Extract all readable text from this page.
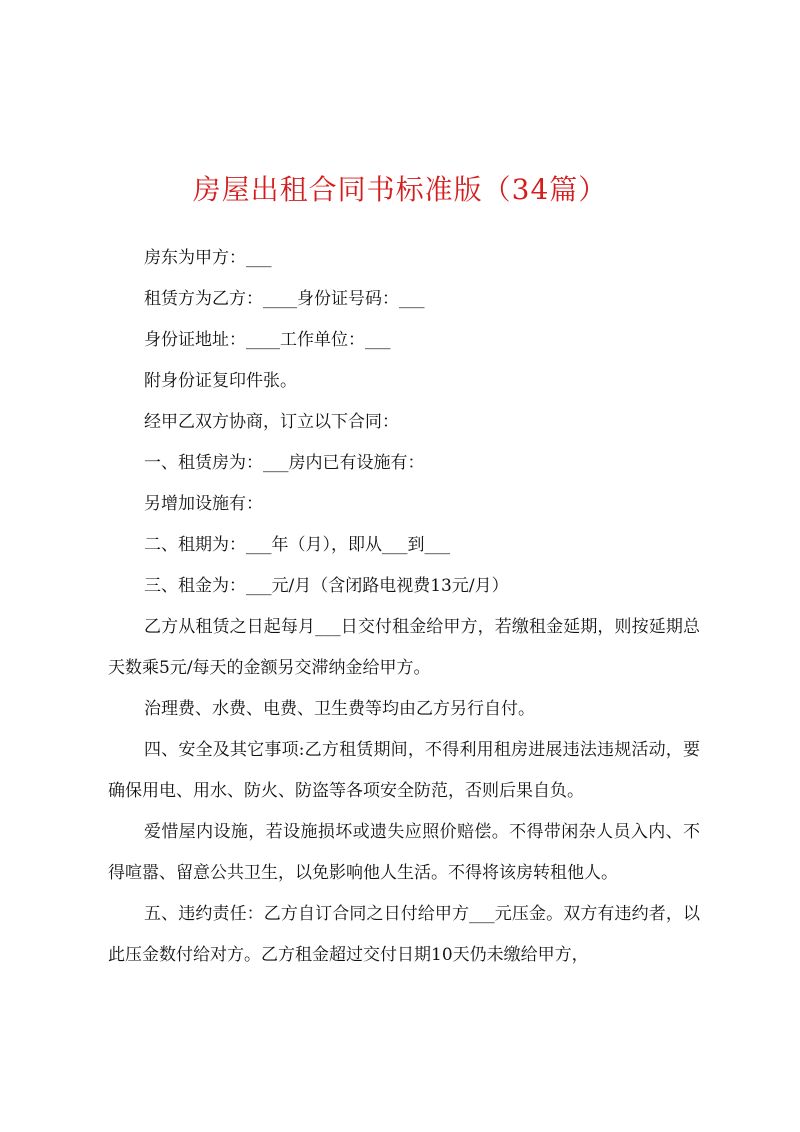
房屋出租合同书标准版（34篇）

房东为甲方：___

租赁方为乙方：____身份证号码：___

身份证地址：____工作单位：___

附身份证复印件张。

经甲乙双方协商，订立以下合同：

一、租赁房为：___房内已有设施有：

另增加设施有：

二、租期为：___年（月），即从___到___

三、租金为：___元/月（含闭路电视费13元/月）

乙方从租赁之日起每月___日交付租金给甲方，若缴租金延期，则按延期总天数乘5元/每天的金额另交滞纳金给甲方。

治理费、水费、电费、卫生费等均由乙方另行自付。

四、安全及其它事项:乙方租赁期间，不得利用租房进展违法违规活动，要确保用电、用水、防火、防盗等各项安全防范，否则后果自负。

爱惜屋内设施，若设施损坏或遗失应照价赔偿。不得带闲杂人员入内、不得喧嚣、留意公共卫生，以免影响他人生活。不得将该房转租他人。

五、违约责任：乙方自订合同之日付给甲方___元压金。双方有违约者，以此压金数付给对方。乙方租金超过交付日期10天仍未缴给甲方，
